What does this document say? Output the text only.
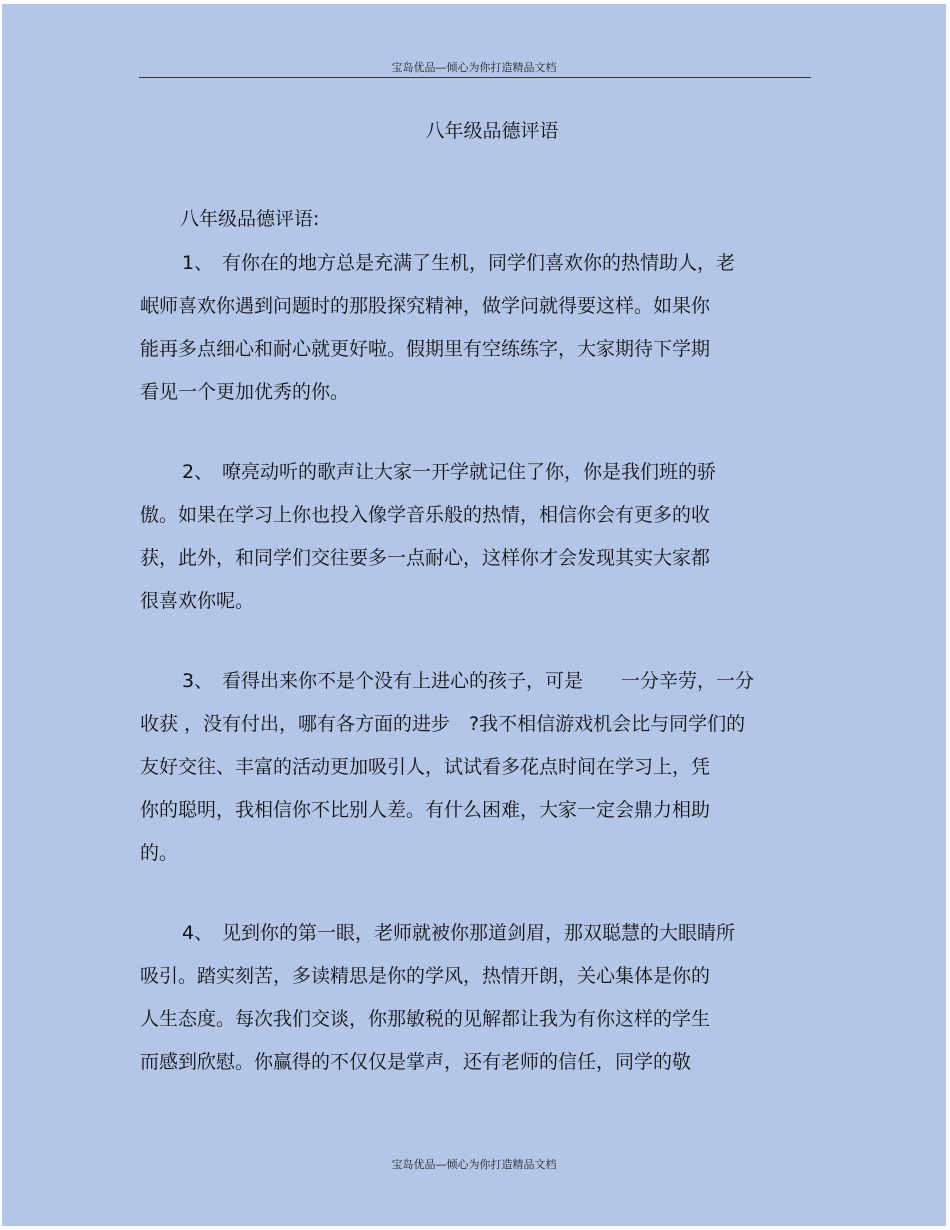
宝岛优品—倾心为你打造精品文档
八年级品德评语
八年级品德评语:
1、 有你在的地方总是充满了生机，同学们喜欢你的热情助人，老
岷师喜欢你遇到问题时的那股探究精神，做学问就得要这样。如果你
能再多点细心和耐心就更好啦。假期里有空练练字，大家期待下学期
看见一个更加优秀的你。
2、 嘹亮动听的歌声让大家一开学就记住了你，你是我们班的骄
傲。如果在学习上你也投入像学音乐般的热情，相信你会有更多的收
获，此外，和同学们交往要多一点耐心，这样你才会发现其实大家都
很喜欢你呢。
3、 看得出来你不是个没有上进心的孩子，可是　　一分辛劳，一分
收获 ，没有付出，哪有各方面的进步　?我不相信游戏机会比与同学们的
友好交往、丰富的活动更加吸引人，试试看多花点时间在学习上，凭
你的聪明，我相信你不比别人差。有什么困难，大家一定会鼎力相助
的。
4、 见到你的第一眼，老师就被你那道剑眉，那双聪慧的大眼睛所
吸引。踏实刻苦，多读精思是你的学风，热情开朗，关心集体是你的
人生态度。每次我们交谈，你那敏税的见解都让我为有你这样的学生
而感到欣慰。你赢得的不仅仅是掌声，还有老师的信任，同学的敬
宝岛优品—倾心为你打造精品文档
